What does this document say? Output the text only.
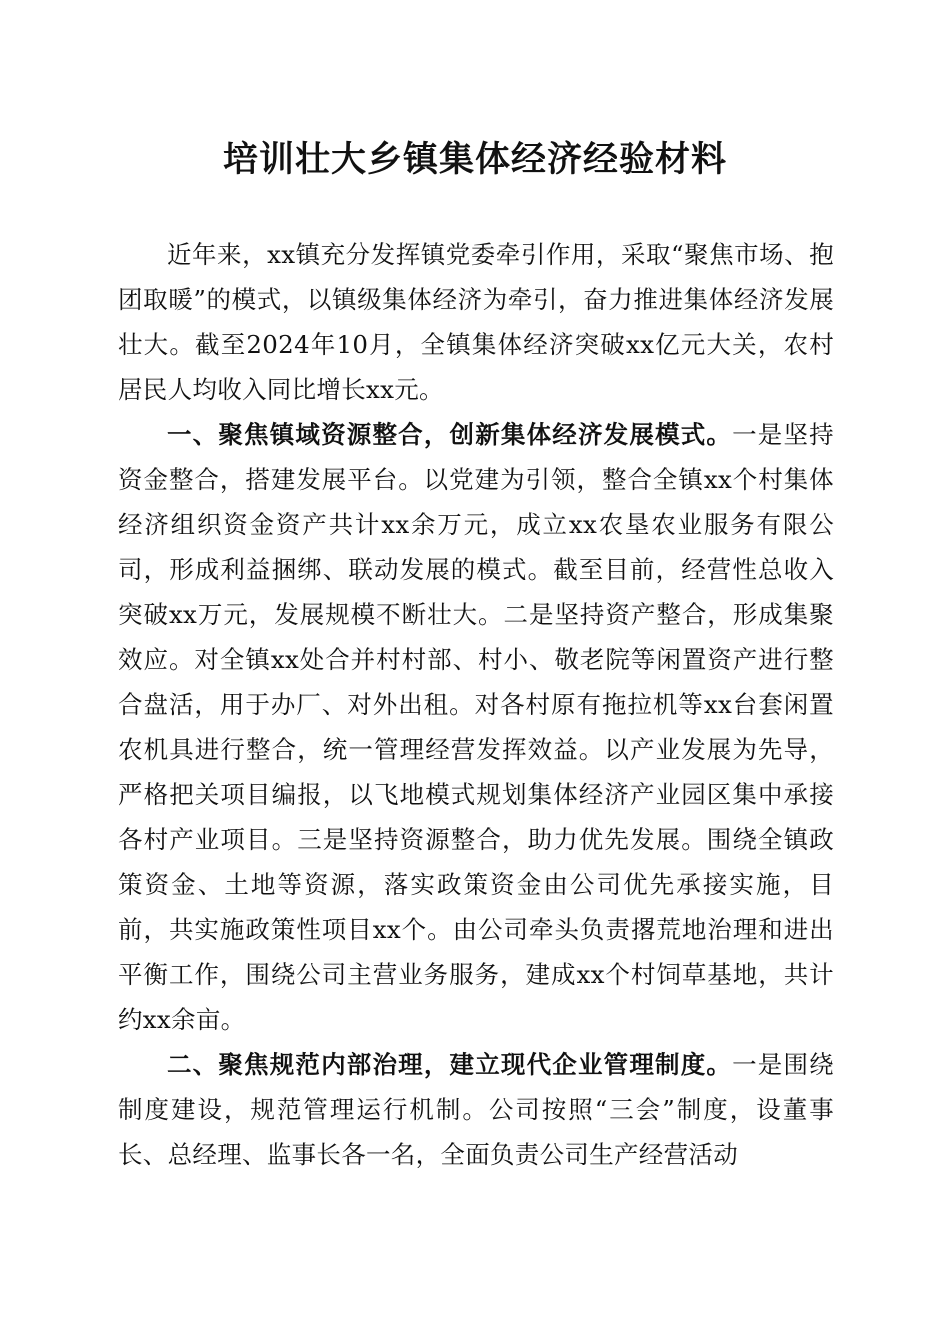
培训壮大乡镇集体经济经验材料

近年来，xx镇充分发挥镇党委牵引作用，采取“聚焦市场、抱团取暖”的模式，以镇级集体经济为牵引，奋力推进集体经济发展壮大。截至2024年10月，全镇集体经济突破xx亿元大关，农村居民人均收入同比增长xx元。

一、聚焦镇域资源整合，创新集体经济发展模式。一是坚持资金整合，搭建发展平台。以党建为引领，整合全镇xx个村集体经济组织资金资产共计xx余万元，成立xx农垦农业服务有限公司，形成利益捆绑、联动发展的模式。截至目前，经营性总收入突破xx万元，发展规模不断壮大。二是坚持资产整合，形成集聚效应。对全镇xx处合并村村部、村小、敬老院等闲置资产进行整合盘活，用于办厂、对外出租。对各村原有拖拉机等xx台套闲置农机具进行整合，统一管理经营发挥效益。以产业发展为先导，严格把关项目编报，以飞地模式规划集体经济产业园区集中承接各村产业项目。三是坚持资源整合，助力优先发展。围绕全镇政策资金、土地等资源，落实政策资金由公司优先承接实施，目前，共实施政策性项目xx个。由公司牵头负责撂荒地治理和进出平衡工作，围绕公司主营业务服务，建成xx个村饲草基地，共计约xx余亩。

二、聚焦规范内部治理，建立现代企业管理制度。一是围绕制度建设，规范管理运行机制。公司按照“三会”制度，设董事长、总经理、监事长各一名，全面负责公司生产经营活动
